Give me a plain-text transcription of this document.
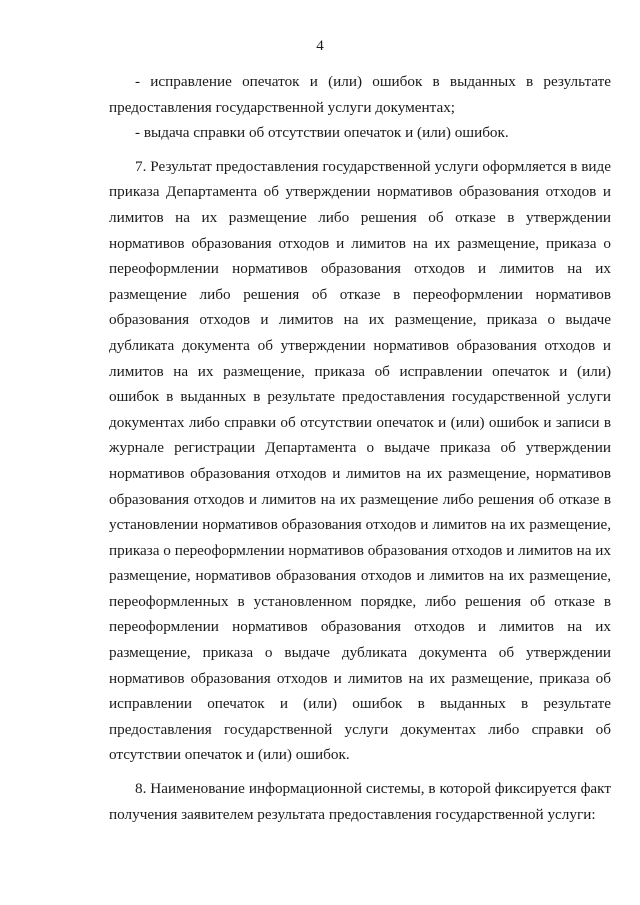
4

- исправление опечаток и (или) ошибок в выданных в результате предоставления государственной услуги документах;

- выдача справки об отсутствии опечаток и (или) ошибок.

7. Результат предоставления государственной услуги оформляется в виде приказа Департамента об утверждении нормативов образования отходов и лимитов на их размещение либо решения об отказе в утверждении нормативов образования отходов и лимитов на их размещение, приказа о переоформлении нормативов образования отходов и лимитов на их размещение либо решения об отказе в переоформлении нормативов образования отходов и лимитов на их размещение, приказа о выдаче дубликата документа об утверждении нормативов образования отходов и лимитов на их размещение, приказа об исправлении опечаток и (или) ошибок в выданных в результате предоставления государственной услуги документах либо справки об отсутствии опечаток и (или) ошибок и записи в журнале регистрации Департамента о выдаче приказа об утверждении нормативов образования отходов и лимитов на их размещение, нормативов образования отходов и лимитов на их размещение либо решения об отказе в установлении нормативов образования отходов и лимитов на их размещение, приказа о переоформлении нормативов образования отходов и лимитов на их размещение, нормативов образования отходов и лимитов на их размещение, переоформленных в установленном порядке, либо решения об отказе в переоформлении нормативов образования отходов и лимитов на их размещение, приказа о выдаче дубликата документа об утверждении нормативов образования отходов и лимитов на их размещение, приказа об исправлении опечаток и (или) ошибок в выданных в результате предоставления государственной услуги документах либо справки об отсутствии опечаток и (или) ошибок.

8. Наименование информационной системы, в которой фиксируется факт получения заявителем результата предоставления государственной услуги:
